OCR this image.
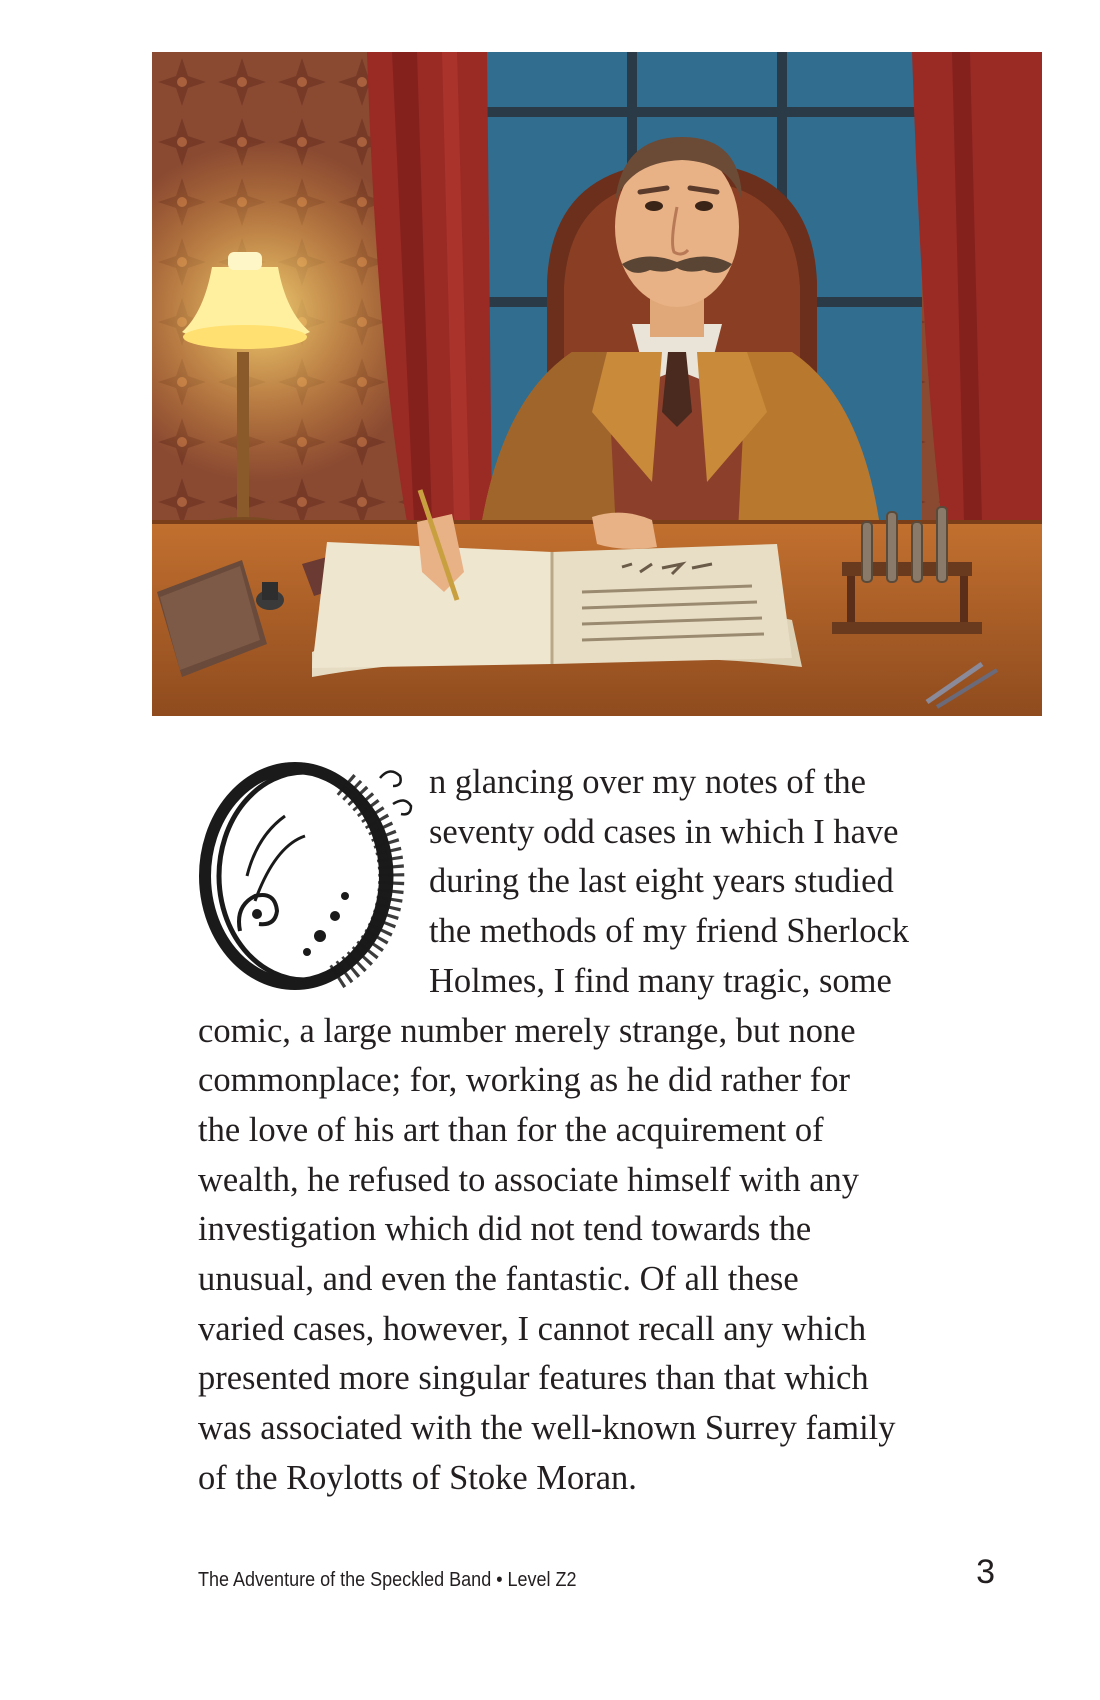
n glancing over my notes of the
seventy odd cases in which I have
during the last eight years studied
the methods of my friend Sherlock
Holmes, I find many tragic, some
comic, a large number merely strange, but none
commonplace; for, working as he did rather for
the love of his art than for the acquirement of
wealth, he refused to associate himself with any
investigation which did not tend towards the
unusual, and even the fantastic. Of all these
varied cases, however, I cannot recall any which
presented more singular features than that which
was associated with the well-known Surrey family
of the Roylotts of Stoke Moran.
The Adventure of the Speckled Band • Level Z2	3
